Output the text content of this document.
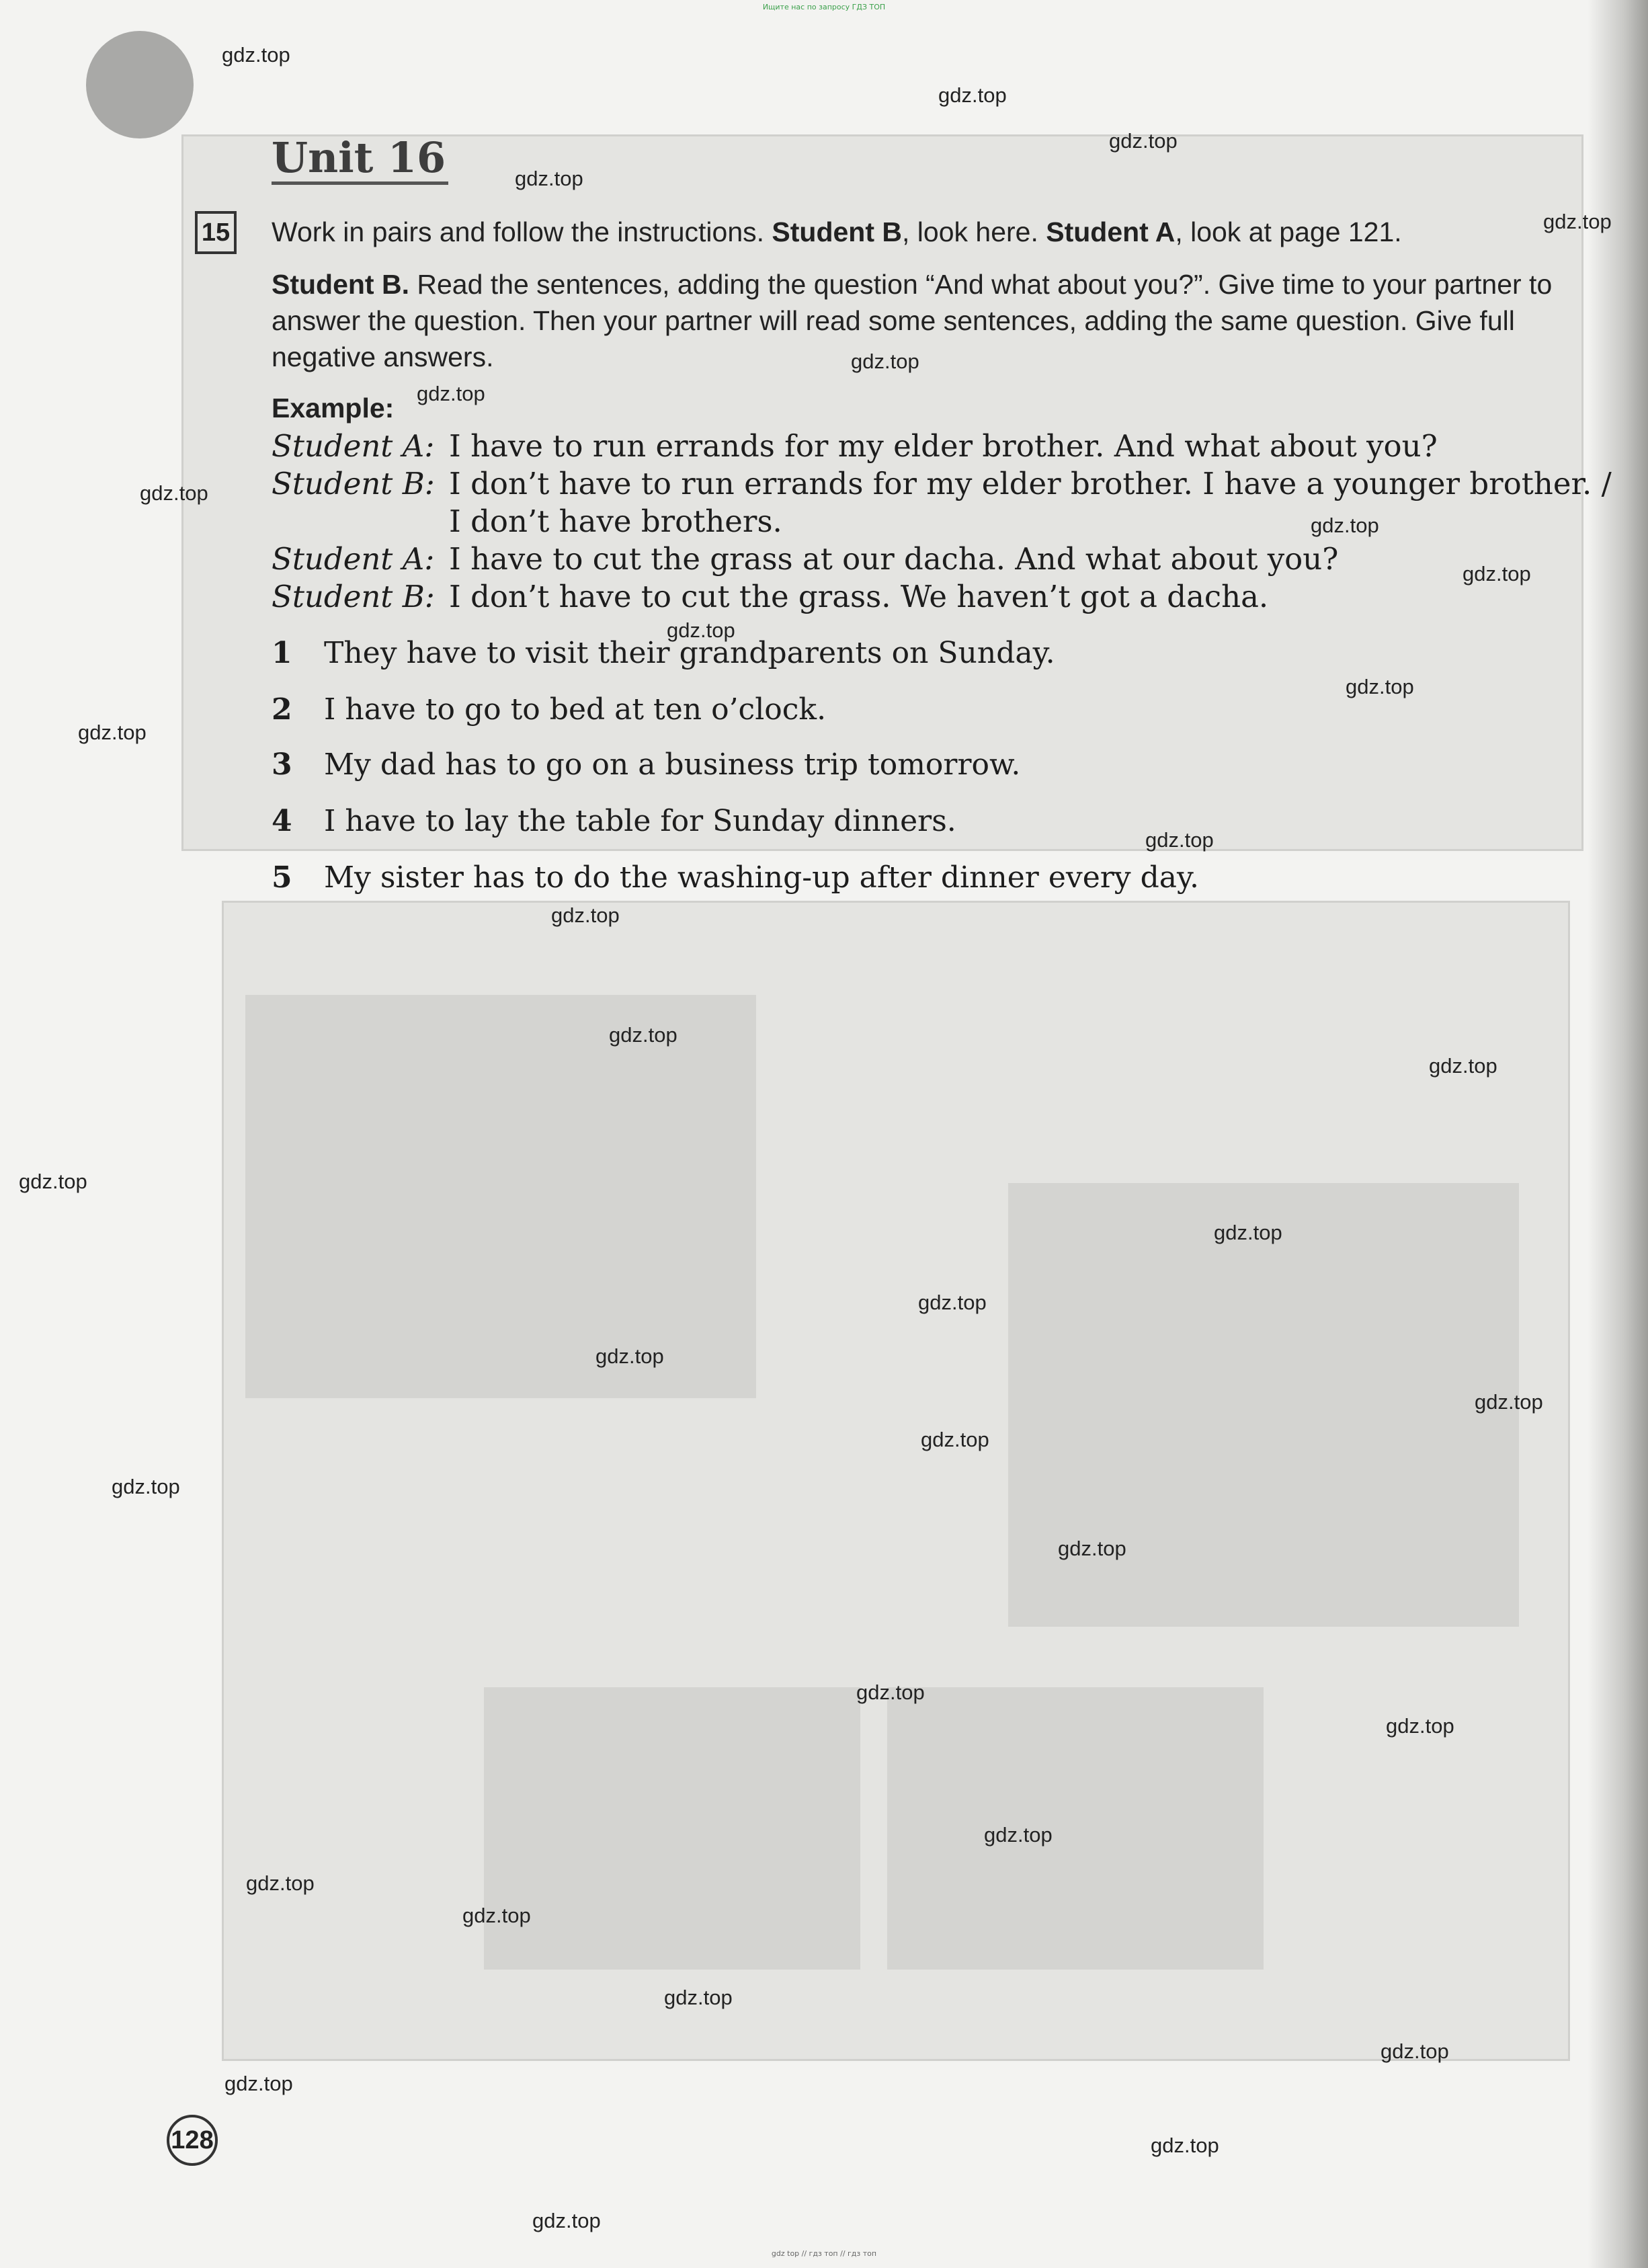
Ищите нас по запросу ГДЗ ТОП
Unit 16
15 Work in pairs and follow the instructions. Student B, look here. Student A, look at page 121.
Student B. Read the sentences, adding the question “And what about you?”. Give time to your partner to answer the question. Then your partner will read some sentences, adding the same question. Give full negative answers.
Example:
Student A: I have to run errands for my elder brother. And what about you?
Student B: I don’t have to run errands for my elder brother. I have a younger brother. /
I don’t have brothers.
Student A: I have to cut the grass at our dacha. And what about you?
Student B: I don’t have to cut the grass. We haven’t got a dacha.
1 They have to visit their grandparents on Sunday.
2 I have to go to bed at ten o’clock.
3 My dad has to go on a business trip tomorrow.
4 I have to lay the table for Sunday dinners.
5 My sister has to do the washing-up after dinner every day.
128
gdz.top
gdz.top
gdz.top
gdz.top
gdz.top
gdz.top
gdz.top
gdz.top
gdz.top
gdz.top
gdz.top
gdz.top
gdz.top
gdz.top
gdz.top
gdz.top
gdz.top
gdz.top
gdz.top
gdz.top
gdz.top
gdz.top
gdz.top
gdz.top
gdz.top
gdz.top
gdz.top
gdz.top
gdz.top
gdz.top
gdz.top
gdz.top
gdz.top
gdz.top
gdz.top
gdz top // гдз топ // гдз топ
